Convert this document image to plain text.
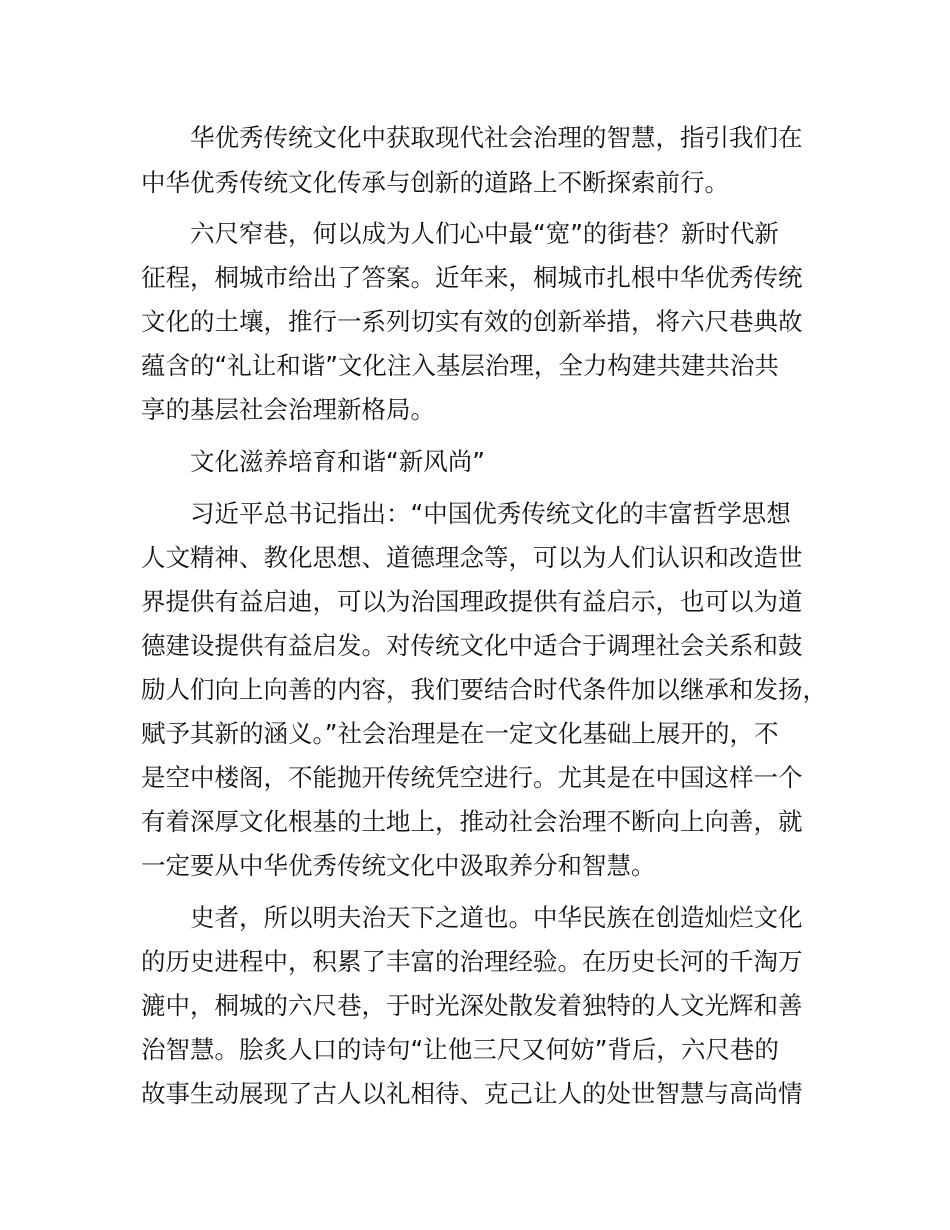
华优秀传统文化中获取现代社会治理的智慧，指引我们在
中华优秀传统文化传承与创新的道路上不断探索前行。
六尺窄巷，何以成为人们心中最“宽”的街巷？新时代新
征程，桐城市给出了答案。近年来，桐城市扎根中华优秀传统
文化的土壤，推行一系列切实有效的创新举措，将六尺巷典故
蕴含的“礼让和谐”文化注入基层治理，全力构建共建共治共
享的基层社会治理新格局。
文化滋养培育和谐“新风尚”
习近平总书记指出：“中国优秀传统文化的丰富哲学思想
人文精神、教化思想、道德理念等，可以为人们认识和改造世
界提供有益启迪，可以为治国理政提供有益启示，也可以为道
德建设提供有益启发。对传统文化中适合于调理社会关系和鼓
励人们向上向善的内容，我们要结合时代条件加以继承和发扬，
赋予其新的涵义。”社会治理是在一定文化基础上展开的，不
是空中楼阁，不能抛开传统凭空进行。尤其是在中国这样一个
有着深厚文化根基的土地上，推动社会治理不断向上向善，就
一定要从中华优秀传统文化中汲取养分和智慧。
史者，所以明夫治天下之道也。中华民族在创造灿烂文化
的历史进程中，积累了丰富的治理经验。在历史长河的千淘万
漉中，桐城的六尺巷，于时光深处散发着独特的人文光辉和善
治智慧。脍炙人口的诗句“让他三尺又何妨”背后，六尺巷的
故事生动展现了古人以礼相待、克己让人的处世智慧与高尚情
